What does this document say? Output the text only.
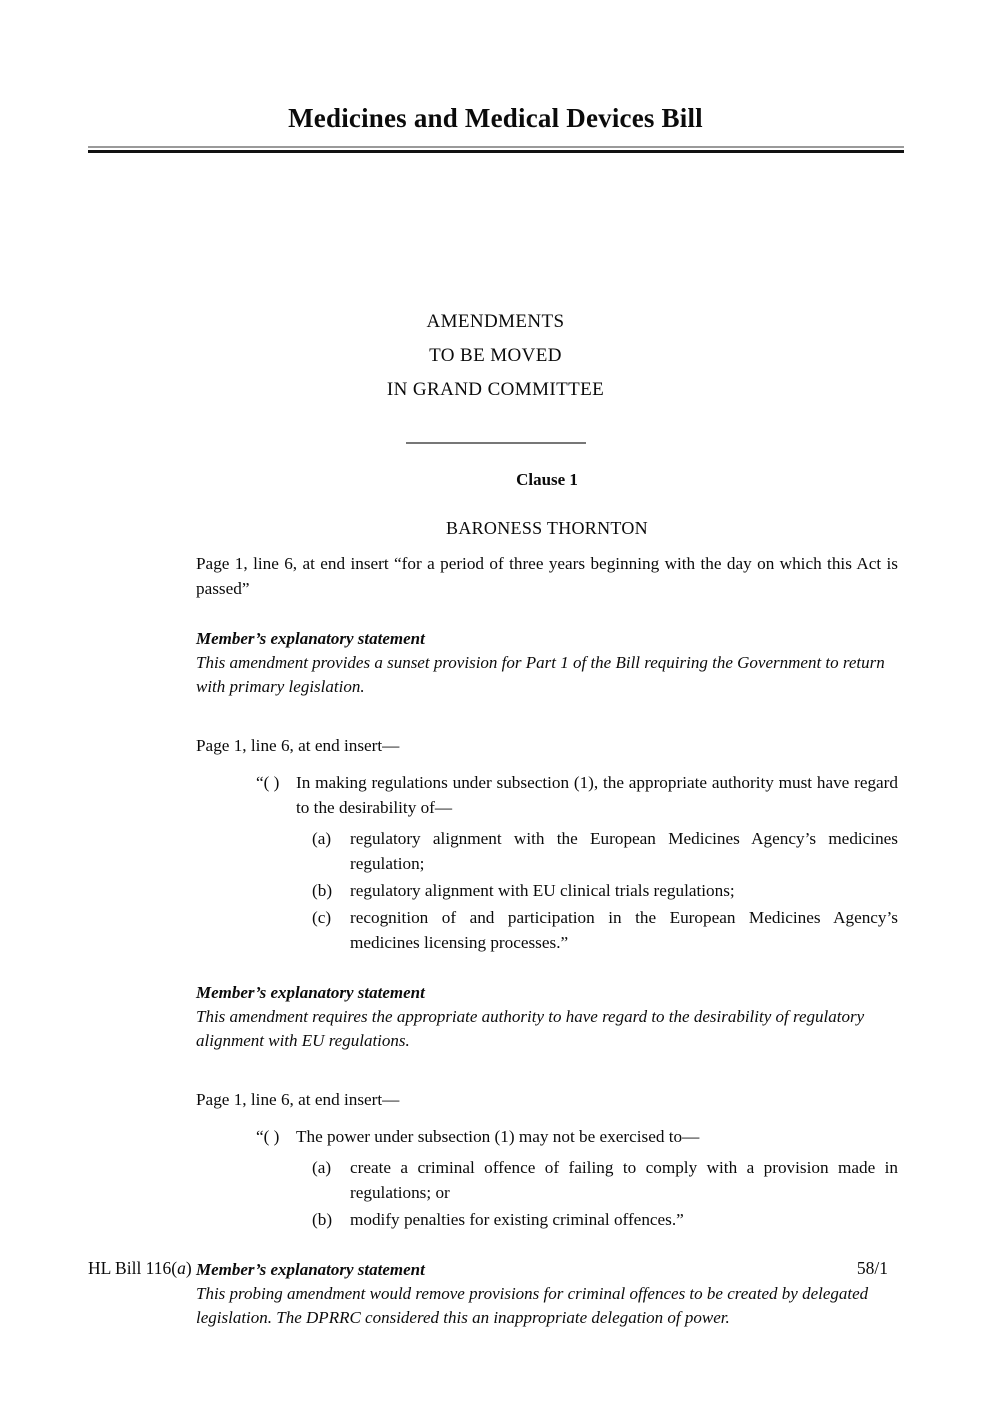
Medicines and Medical Devices Bill
AMENDMENTS
TO BE MOVED
IN GRAND COMMITTEE
Clause 1
BARONESS THORNTON

Page 1, line 6, at end insert “for a period of three years beginning with the day on which this Act is passed”

Member’s explanatory statement
This amendment provides a sunset provision for Part 1 of the Bill requiring the Government to return with primary legislation.

Page 1, line 6, at end insert—

“( ) In making regulations under subsection (1), the appropriate authority must have regard to the desirability of—
(a) regulatory alignment with the European Medicines Agency’s medicines regulation;
(b) regulatory alignment with EU clinical trials regulations;
(c) recognition of and participation in the European Medicines Agency’s medicines licensing processes.”
Member’s explanatory statement
This amendment requires the appropriate authority to have regard to the desirability of regulatory alignment with EU regulations.

Page 1, line 6, at end insert—

“( ) The power under subsection (1) may not be exercised to—
(a) create a criminal offence of failing to comply with a provision made in regulations; or
(b) modify penalties for existing criminal offences.”
Member’s explanatory statement
This probing amendment would remove provisions for criminal offences to be created by delegated legislation. The DPRRC considered this an inappropriate delegation of power.
HL Bill 116(a)	58/1
